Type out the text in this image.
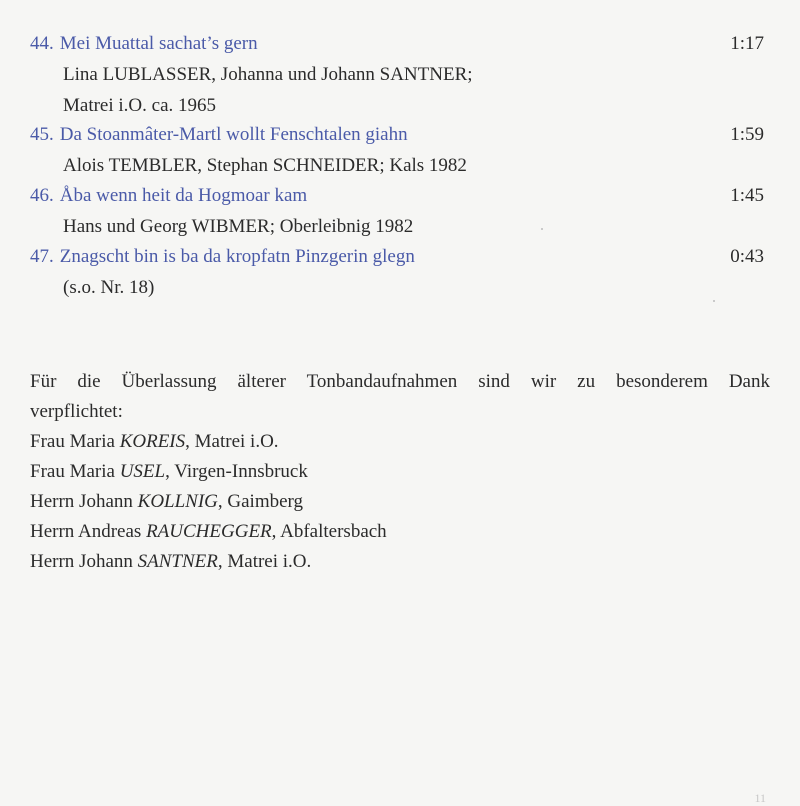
44. Mei Muattal sachat’s gern	1:17
Lina LUBLASSER, Johanna und Johann SANTNER;
Matrei i.O. ca. 1965
45. Da Stoanmâter-Martl wollt Fenschtalen giahn	1:59
Alois TEMBLER, Stephan SCHNEIDER; Kals 1982
46. Åba wenn heit da Hogmoar kam	1:45
Hans und Georg WIBMER; Oberleibnig 1982
47. Znagscht bin is ba da kropfatn Pinzgerin glegn	0:43
(s.o. Nr. 18)
Für die Überlassung älterer Tonbandaufnahmen sind wir zu besonderem Dank
verpflichtet:
Frau Maria KOREIS, Matrei i.O.
Frau Maria USEL, Virgen-Innsbruck
Herrn Johann KOLLNIG, Gaimberg
Herrn Andreas RAUCHEGGER, Abfaltersbach
Herrn Johann SANTNER, Matrei i.O.
11
